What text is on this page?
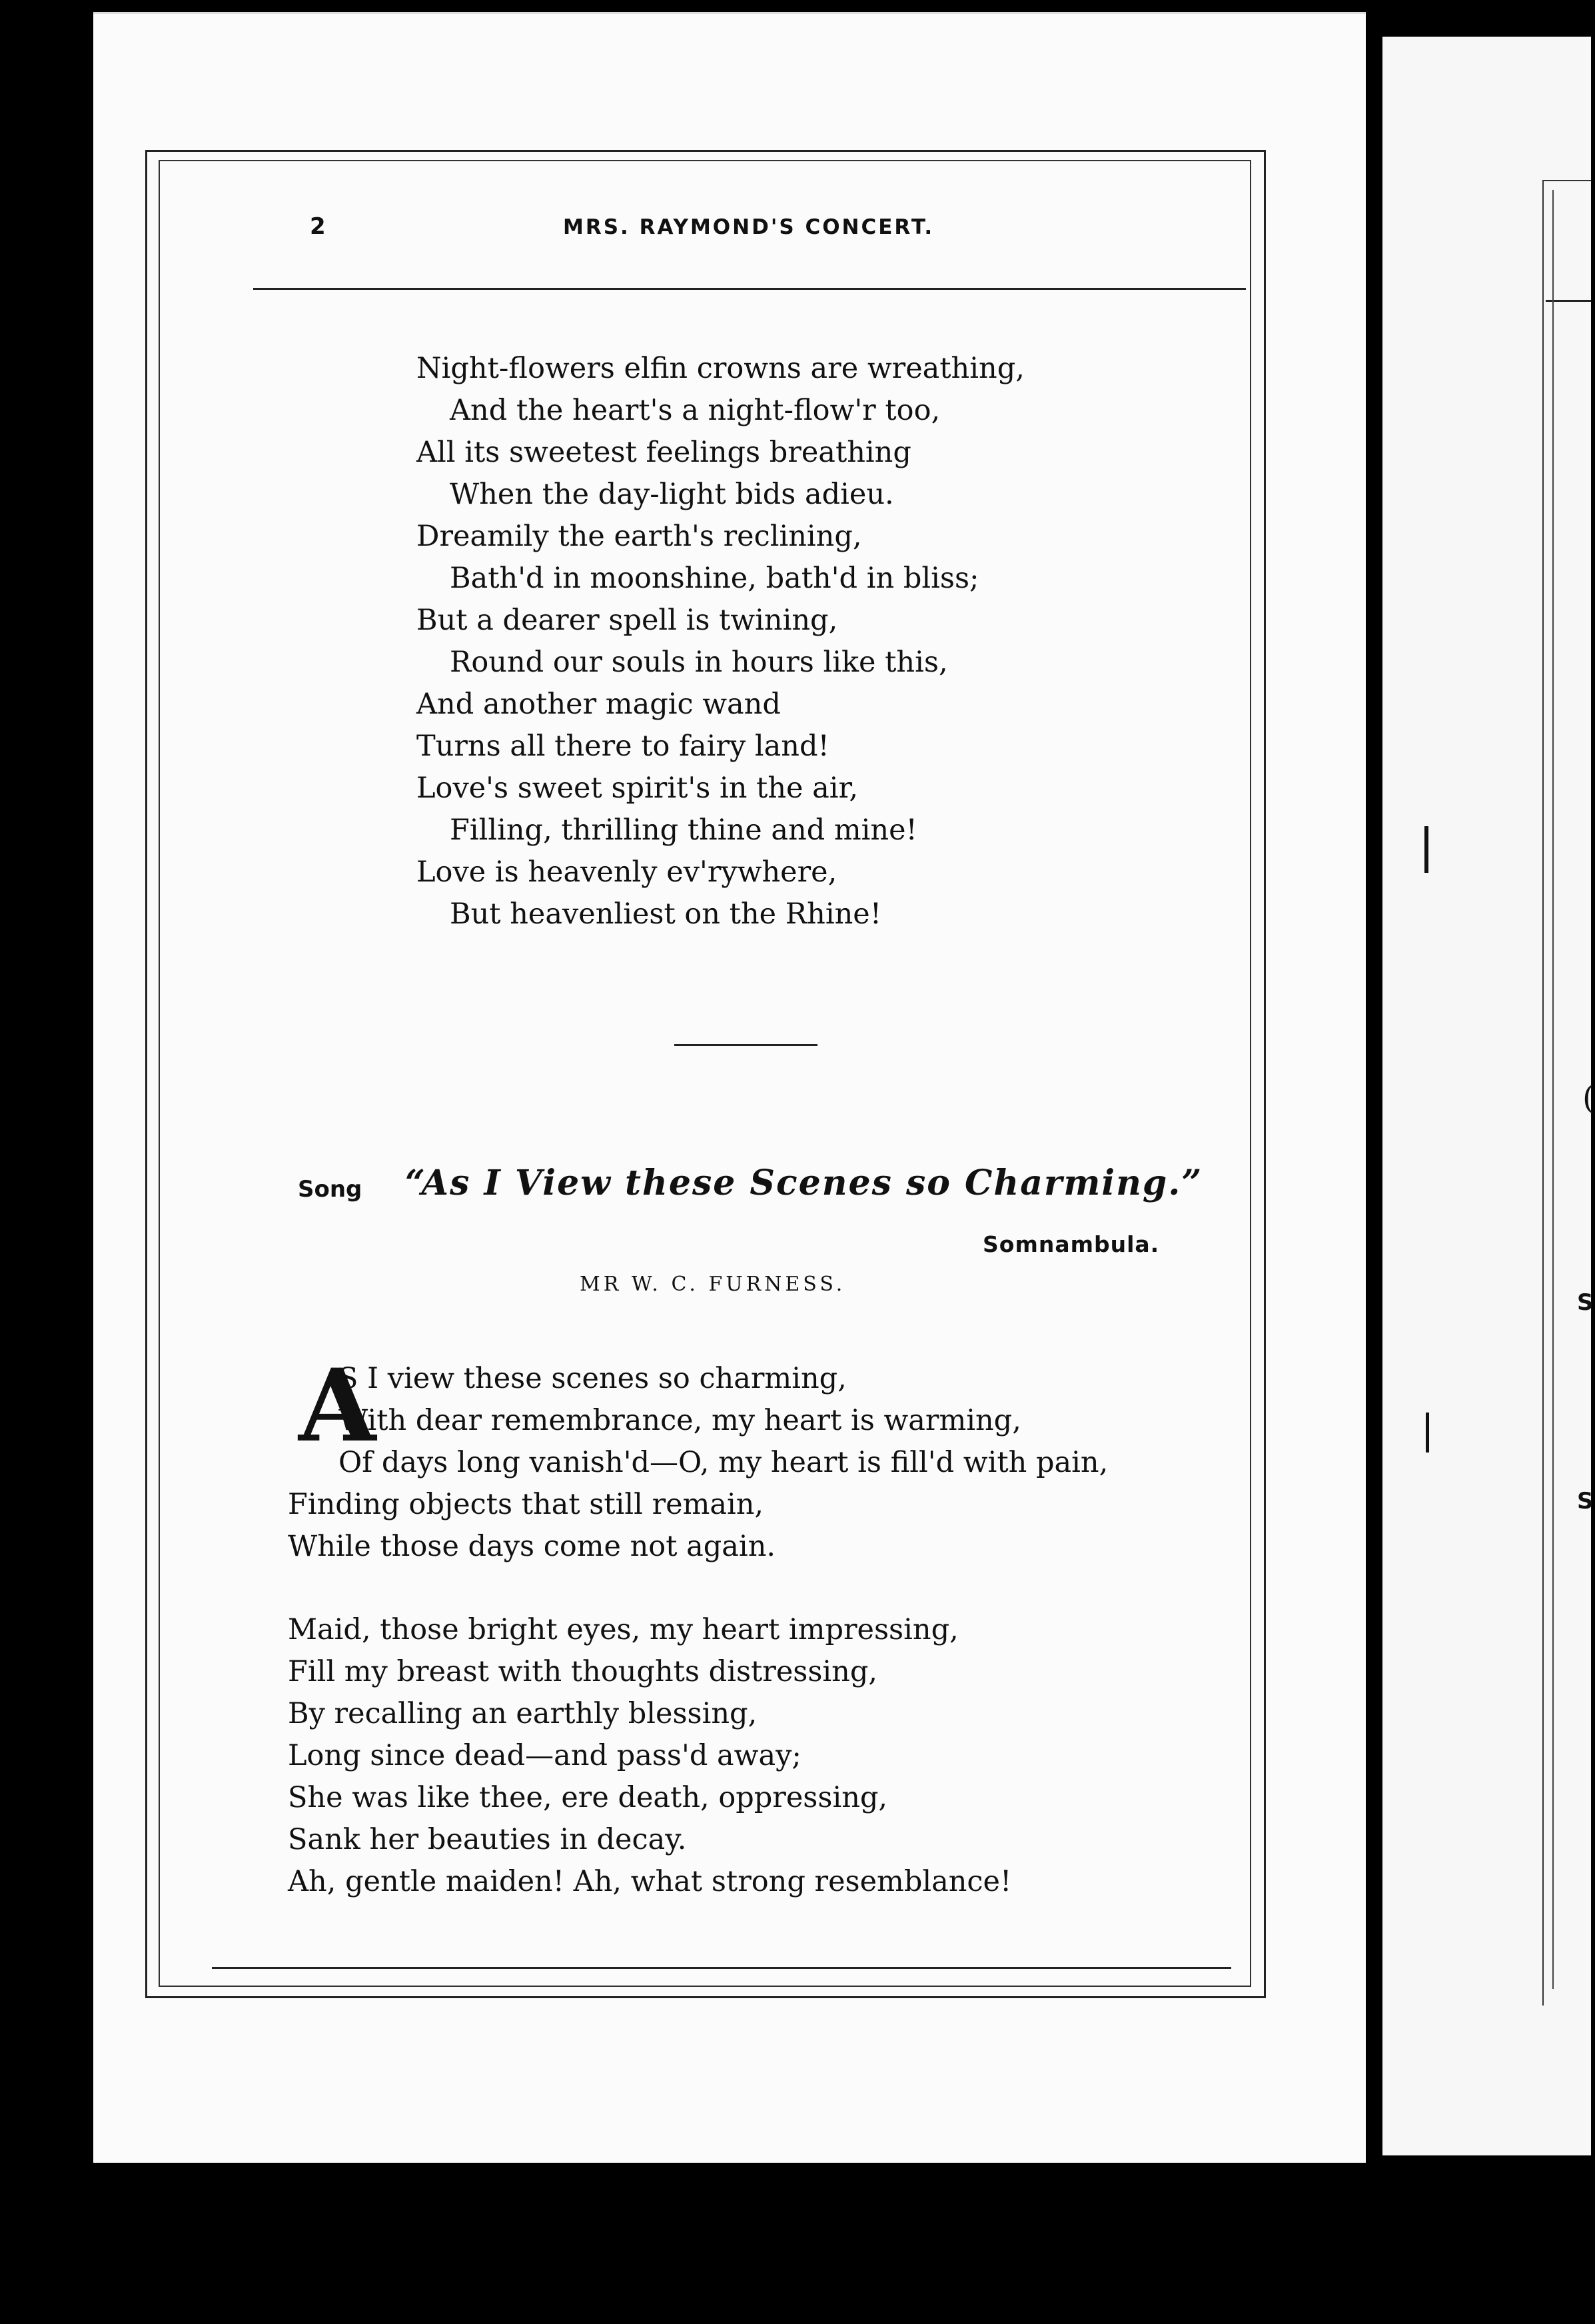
(
S
S
2	MRS. RAYMOND'S CONCERT.
Night-flowers elfin crowns are wreathing,
And the heart's a night-flow'r too,
All its sweetest feelings breathing
When the day-light bids adieu.
Dreamily the earth's reclining,
Bath'd in moonshine, bath'd in bliss;
But a dearer spell is twining,
Round our souls in hours like this,
And another magic wand
Turns all there to fairy land!
Love's sweet spirit's in the air,
Filling, thrilling thine and mine!
Love is heavenly ev'rywhere,
But heavenliest on the Rhine!
Song “As I View these Scenes so Charming.”
Somnambula.
MR W. C. FURNESS.
A
S I view these scenes so charming,
With dear remembrance, my heart is warming,
Of days long vanish'd—O, my heart is fill'd with pain,
Finding objects that still remain,
While those days come not again.
Maid, those bright eyes, my heart impressing,
Fill my breast with thoughts distressing,
By recalling an earthly blessing,
Long since dead—and pass'd away;
She was like thee, ere death, oppressing,
Sank her beauties in decay.
Ah, gentle maiden! Ah, what strong resemblance!
